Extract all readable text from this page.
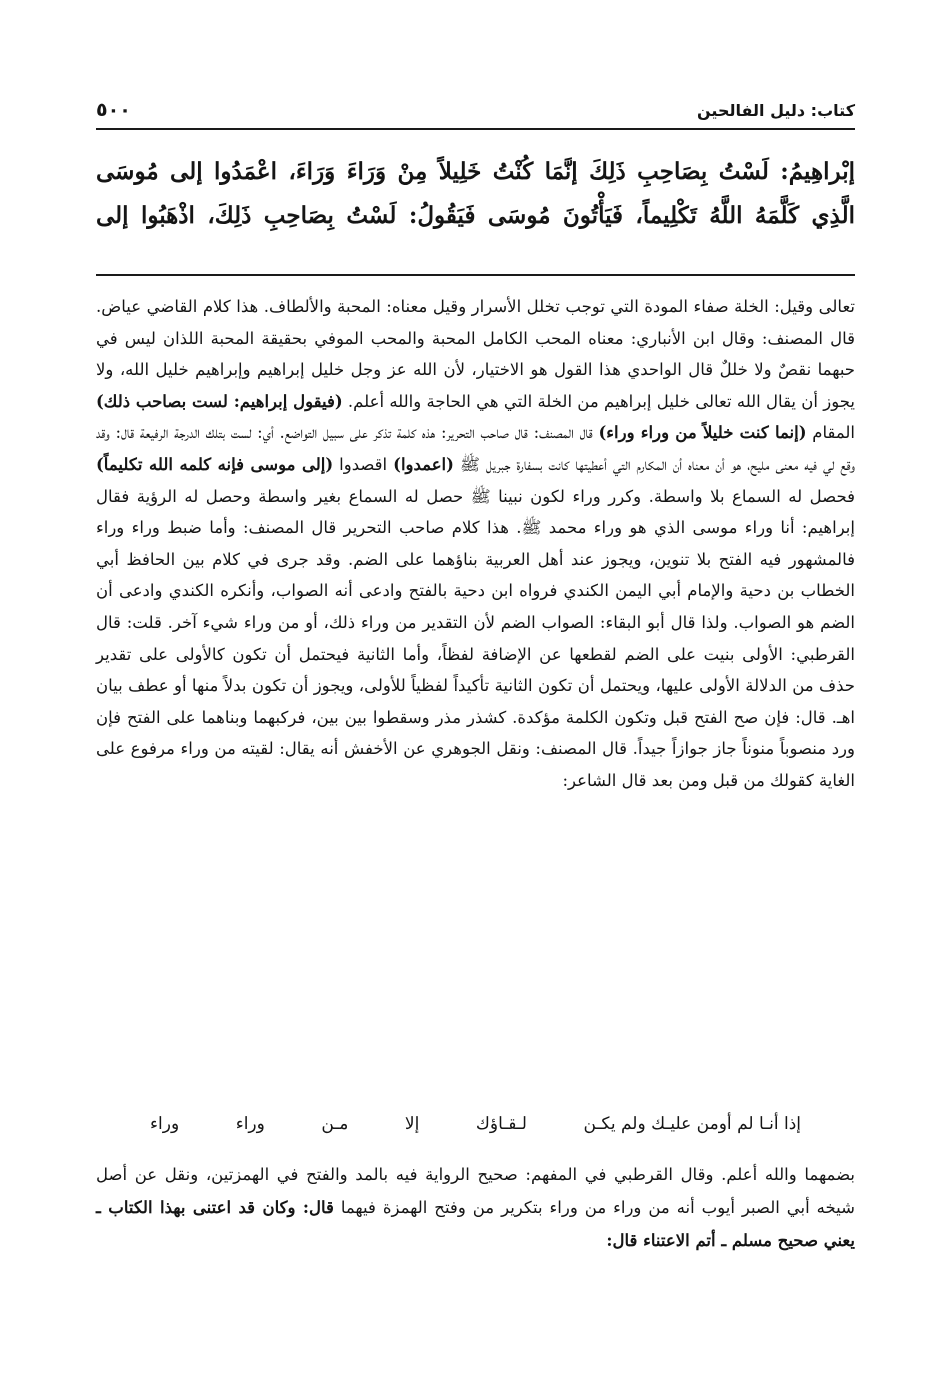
كتاب: دليل الفالحين
٥٠٠
إبْراهِيمُ: لَسْتُ بِصَاحِبِ ذَلِكَ إنَّمَا كُنْتُ خَلِيلاً مِنْ وَرَاءَ وَرَاءَ، اعْمَدُوا إلى مُوسَى الَّذِي كَلَّمَهُ اللَّهُ تَكْلِيماً، فَيَأْتُونَ مُوسَى فَيَقُولُ: لَسْتُ بِصَاحِبِ ذَلِكَ، اذْهَبُوا إلى
تعالى وقيل: الخلة صفاء المودة التي توجب تخلل الأسرار وقيل معناه: المحبة والألطاف. هذا كلام القاضي عياض. قال المصنف: وقال ابن الأنباري: معناه المحب الكامل المحبة والمحب الموفي بحقيقة المحبة اللذان ليس في حبهما نقصٌ ولا خللٌ قال الواحدي هذا القول هو الاختيار، لأن الله عز وجل خليل إبراهيم وإبراهيم خليل الله، ولا يجوز أن يقال الله تعالى خليل إبراهيم من الخلة التي هي الحاجة والله أعلم. (فيقول إبراهيم: لست بصاحب ذلك) المقام (إنما كنت خليلاً من وراء وراء) قال المصنف: قال صاحب التحرير: هذه كلمة تذكر على سبيل التواضع. أي: لست بتلك الدرجة الرفيعة قال: وقد وقع لي فيه معنى مليح، هو أن معناه أن المكارم التي أعطيتها كانت بسفارة جبريل ﷺ (اعمدوا) اقصدوا (إلى موسى فإنه كلمه الله تكليماً) فحصل له السماع بلا واسطة. وكرر وراء لكون نبينا ﷺ حصل له السماع بغير واسطة وحصل له الرؤية فقال إبراهيم: أنا وراء موسى الذي هو وراء محمد ﷺ. هذا كلام صاحب التحرير قال المصنف: وأما ضبط وراء وراء فالمشهور فيه الفتح بلا تنوين، ويجوز عند أهل العربية بناؤهما على الضم. وقد جرى في كلام بين الحافظ أبي الخطاب بن دحية والإمام أبي اليمن الكندي فرواه ابن دحية بالفتح وادعى أنه الصواب، وأنكره الكندي وادعى أن الضم هو الصواب. ولذا قال أبو البقاء: الصواب الضم لأن التقدير من وراء ذلك، أو من وراء شيء آخر. قلت: قال القرطبي: الأولى بنيت على الضم لقطعها عن الإضافة لفظاً، وأما الثانية فيحتمل أن تكون كالأولى على تقدير حذف من الدلالة الأولى عليها، ويحتمل أن تكون الثانية تأكيداً لفظياً للأولى، ويجوز أن تكون بدلاً منها أو عطف بيان اهـ. قال: فإن صح الفتح قبل وتكون الكلمة مؤكدة. كشذر مذر وسقطوا بين بين، فركبهما وبناهما على الفتح فإن ورد منصوباً منوناً جاز جوازاً جيداً. قال المصنف: ونقل الجوهري عن الأخفش أنه يقال: لقيته من وراء مرفوع على الغاية كقولك من قبل ومن بعد قال الشاعر:
إذا أنـا لم أومن عليـك ولم يكـن
لـقـاؤك
إلا
مـن
وراء
وراء
بضمهما والله أعلم. وقال القرطبي في المفهم: صحيح الرواية فيه بالمد والفتح في الهمزتين، ونقل عن أصل شيخه أبي الصبر أيوب أنه من وراء من وراء بتكرير من وفتح الهمزة فيهما قال: وكان قد اعتنى بهذا الكتاب ـ يعني صحيح مسلم ـ أتم الاعتناء قال:
